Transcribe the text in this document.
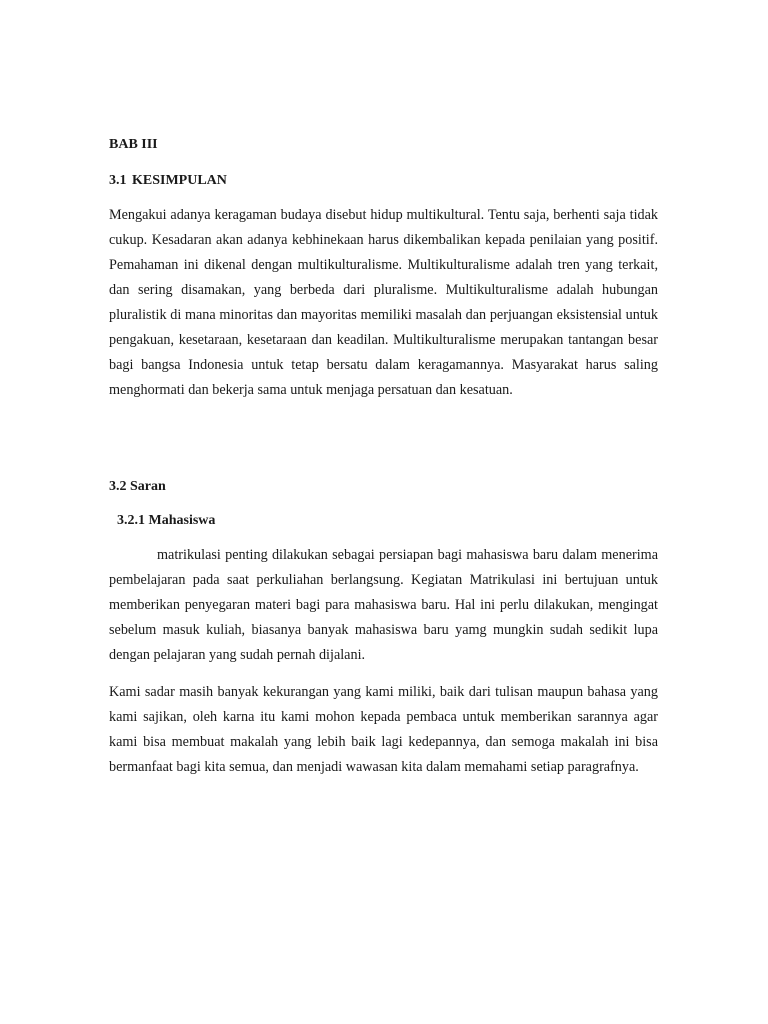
BAB III
3.1 KESIMPULAN
Mengakui adanya keragaman budaya disebut hidup multikultural. Tentu saja, berhenti saja tidak cukup. Kesadaran akan adanya kebhinekaan harus dikembalikan kepada penilaian yang positif. Pemahaman ini dikenal dengan multikulturalisme. Multikulturalisme adalah tren yang terkait, dan sering disamakan, yang berbeda dari pluralisme. Multikulturalisme adalah hubungan pluralistik di mana minoritas dan mayoritas memiliki masalah dan perjuangan eksistensial untuk pengakuan, kesetaraan, kesetaraan dan keadilan. Multikulturalisme merupakan tantangan besar bagi bangsa Indonesia untuk tetap bersatu dalam keragamannya. Masyarakat harus saling menghormati dan bekerja sama untuk menjaga persatuan dan kesatuan.
3.2 Saran
3.2.1 Mahasiswa
matrikulasi penting dilakukan sebagai persiapan bagi mahasiswa baru dalam menerima pembelajaran pada saat perkuliahan berlangsung. Kegiatan Matrikulasi ini bertujuan untuk memberikan penyegaran materi bagi para mahasiswa baru. Hal ini perlu dilakukan, mengingat sebelum masuk kuliah, biasanya banyak mahasiswa baru yamg mungkin sudah sedikit lupa dengan pelajaran yang sudah pernah dijalani.
Kami sadar masih banyak kekurangan yang kami miliki, baik dari tulisan maupun bahasa yang kami sajikan, oleh karna itu kami mohon kepada pembaca untuk memberikan sarannya agar kami bisa membuat makalah yang lebih baik lagi kedepannya, dan semoga makalah ini bisa bermanfaat bagi kita semua, dan menjadi wawasan kita dalam memahami setiap paragrafnya.
